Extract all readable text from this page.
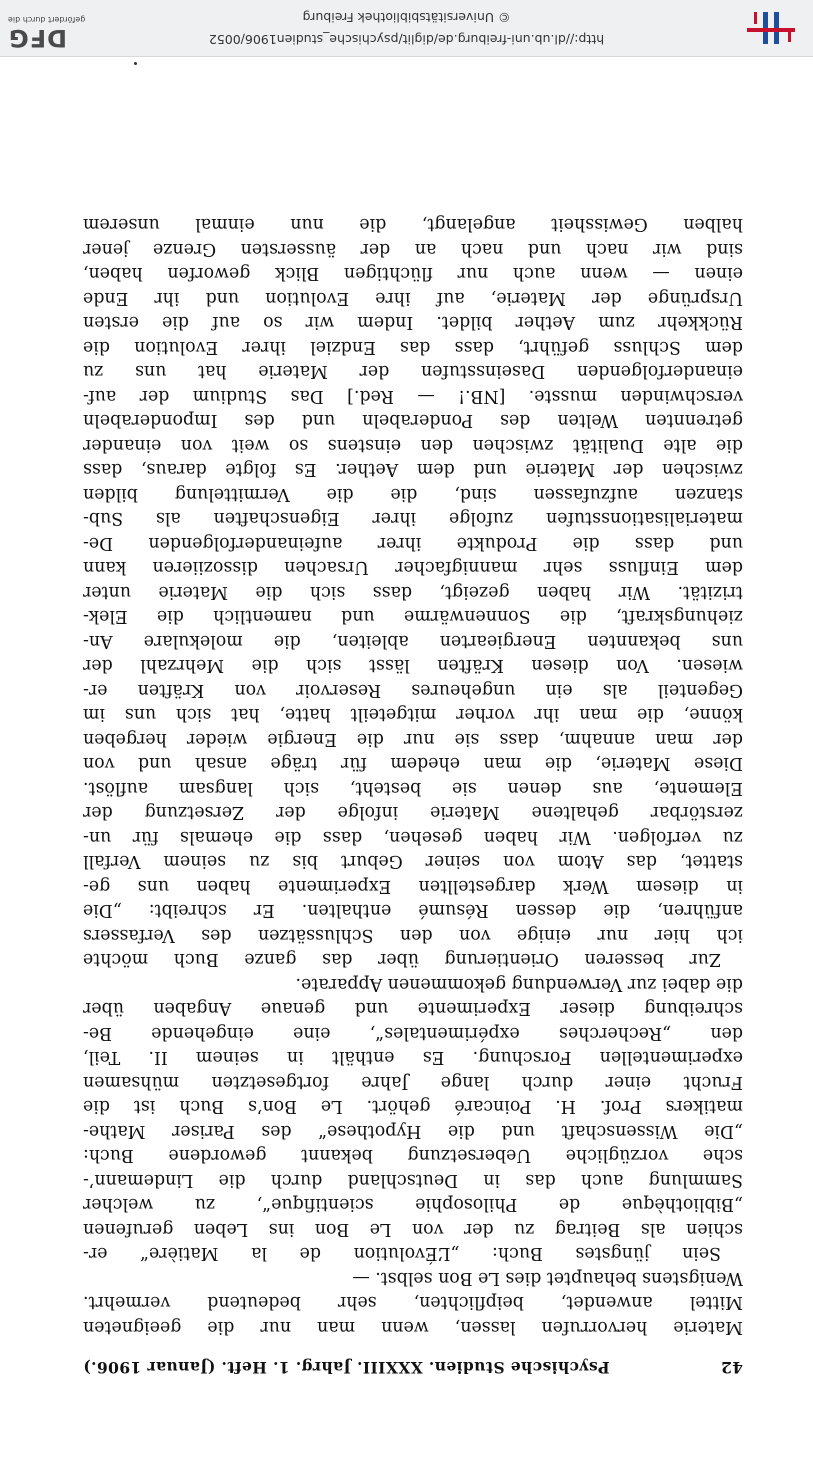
42
Psychische Studien. XXXIII. Jahrg. 1. Heft. (Januar 1906.)
Materie hervorrufen lassen, wenn man nur die geeigneten
Mittel anwendet, beipflichten, sehr bedeutend vermehrt.
Wenigstens behauptet dies Le Bon selbst. —
Sein jüngstes Buch: „L’Évolution de la Matière“ er-
schien als Beitrag zu der von Le Bon ins Leben gerufenen
„Bibliothèque de Philosophie scientifique“, zu welcher
Sammlung auch das in Deutschland durch die Lindemann’-
sche vorzügliche Uebersetzung bekannt gewordene Buch:
„Die Wissenschaft und die Hypothese“ des Pariser Mathe-
matikers Prof. H. Poincaré gehört. Le Bon’s Buch ist die
Frucht einer durch lange Jahre fortgesetzten mühsamen
experimentellen Forschung. Es enthält in seinem II. Teil,
den „Recherches expérimentales“, eine eingehende Be-
schreibung dieser Experimente und genaue Angaben über
die dabei zur Verwendung gekommenen Apparate.
Zur besseren Orientierung über das ganze Buch möchte
ich hier nur einige von den Schlussätzen des Verfassers
anführen, die dessen Résumé enthalten. Er schreibt: „Die
in diesem Werk dargestellten Experimente haben uns ge-
stattet, das Atom von seiner Geburt bis zu seinem Verfall
zu verfolgen. Wir haben gesehen, dass die ehemals für un-
zerstörbar gehaltene Materie infolge der Zersetzung der
Elemente, aus denen sie besteht, sich langsam auflöst.
Diese Materie, die man ehedem für träge ansah und von
der man annahm, dass sie nur die Energie wieder hergeben
könne, die man ihr vorher mitgeteilt hatte, hat sich uns im
Gegenteil als ein ungeheures Reservoir von Kräften er-
wiesen. Von diesen Kräften lässt sich die Mehrzahl der
uns bekannten Energiearten ableiten, die molekulare An-
ziehungskraft, die Sonnenwärme und namentlich die Elek-
trizität. Wir haben gezeigt, dass sich die Materie unter
dem Einfluss sehr mannigfacher Ursachen dissoziieren kann
und dass die Produkte ihrer aufeinanderfolgenden De-
materialisationsstufen zufolge ihrer Eigenschaften als Sub-
stanzen aufzufassen sind, die die Vermittelung bilden
zwischen der Materie und dem Aether. Es folgte daraus, dass
die alte Dualität zwischen den einstens so weit von einander
getrennten Welten des Ponderabeln und des Imponderabeln
verschwinden musste. [NB.! — Red.] Das Studium der auf-
einanderfolgenden Daseinsstufen der Materie hat uns zu
dem Schluss geführt, dass das Endziel ihrer Evolution die
Rückkehr zum Aether bildet. Indem wir so auf die ersten
Ursprünge der Materie, auf ihre Evolution und ihr Ende
einen — wenn auch nur flüchtigen Blick geworfen haben,
sind wir nach und nach an der äussersten Grenze jener
halben Gewissheit angelangt, die nun einmal unserem
http://dl.ub.uni-freiburg.de/diglit/psychische_studien1906/0052
© Universitätsbibliothek Freiburg
DFG
gefördert durch die
